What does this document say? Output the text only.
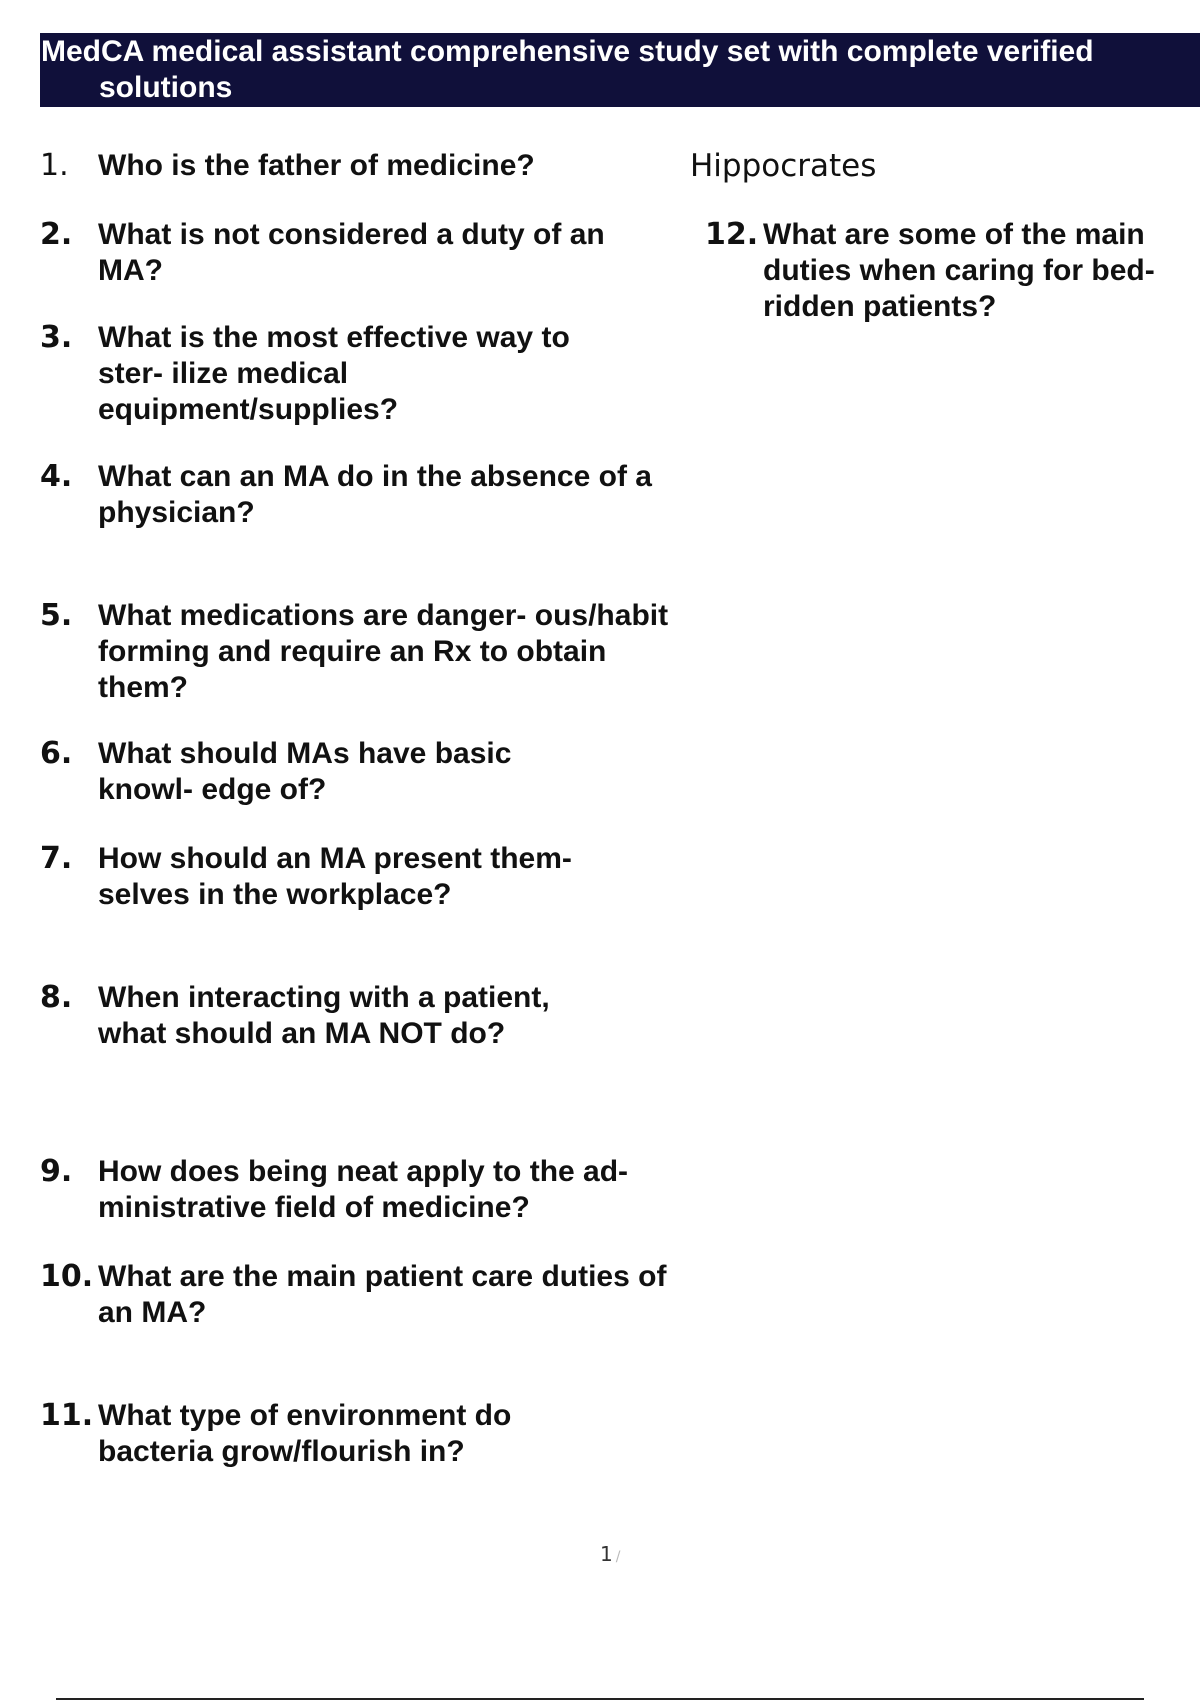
MedCA medical assistant comprehensive study set with complete verified
solutions
1. Who is the father of medicine?	Hippocrates
2. What is not considered a duty of an MA?
3. What is the most effective way to ster- ilize medical equipment/supplies?
4. What can an MA do in the absence of a physician?
5. What medications are danger- ous/habit forming and require an Rx to obtain them?
6. What should MAs have basic knowl- edge of?
7. How should an MA present them- selves in the workplace?
8. When interacting with a patient, what should an MA NOT do?
9. How does being neat apply to the ad- ministrative field of medicine?
10. What are the main patient care duties of an MA?
11. What type of environment do bacteria grow/flourish in?
12. What are some of the main duties when caring for bed- ridden patients?
1 /
